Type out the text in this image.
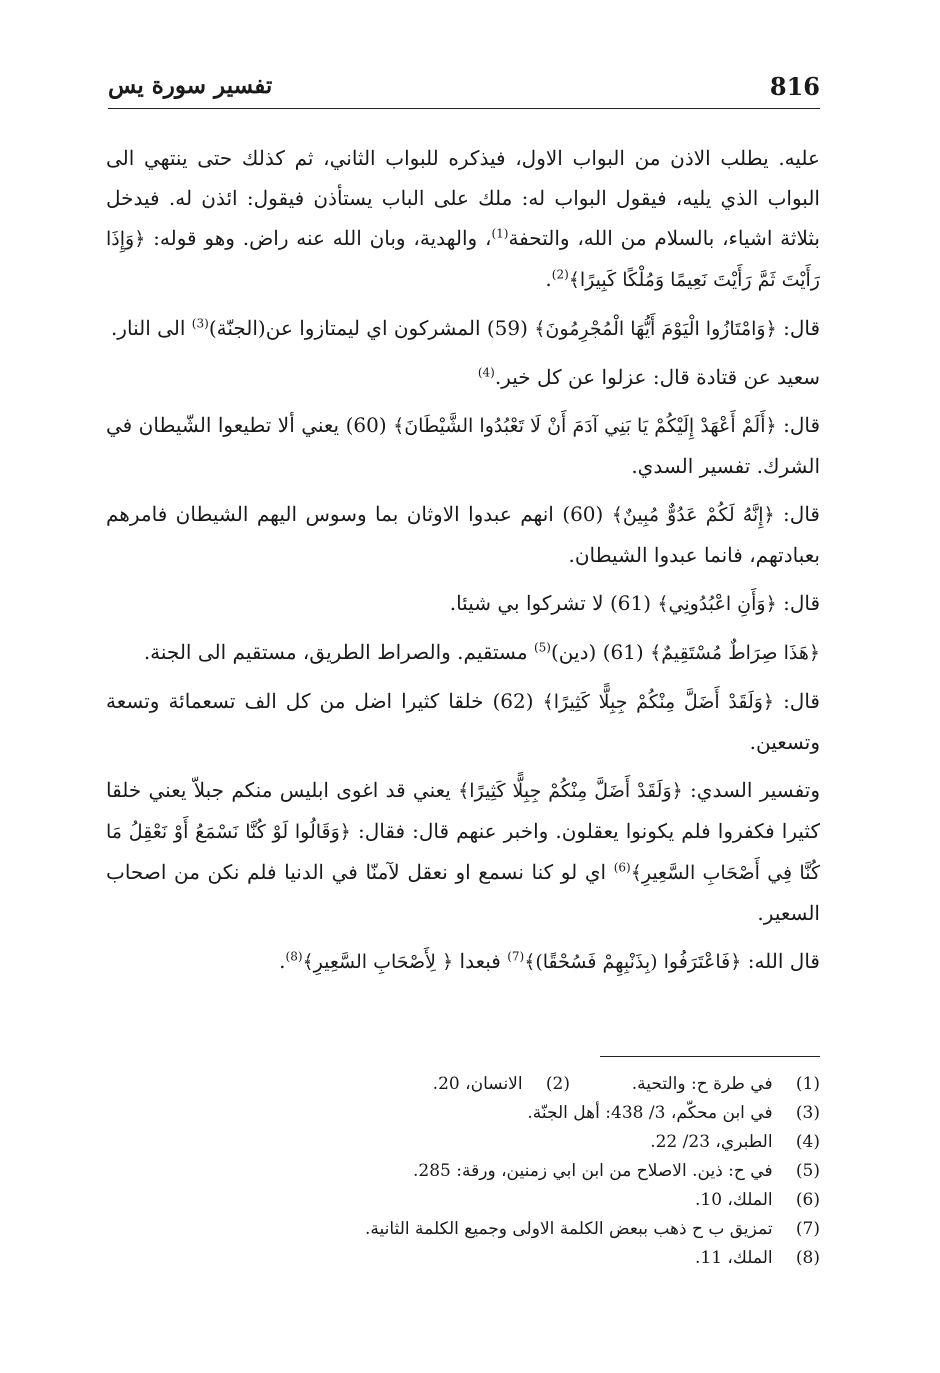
816
تفسير سورة يس

عليه. يطلب الاذن من البواب الاول، فيذكره للبواب الثاني، ثم كذلك حتى ينتهي الى البواب الذي يليه، فيقول البواب له: ملك على الباب يستأذن فيقول: ائذن له. فيدخل بثلاثة اشياء، بالسلام من الله، والتحفة$^{(1)}$، والهدية، وبان الله عنه راض. وهو قوله: ﴿وَإِذَا رَأَيْتَ ثَمَّ رَأَيْتَ نَعِيمًا وَمُلْكًا كَبِيرًا﴾$^{(2)}$.

قال: ﴿وَامْتَازُوا الْيَوْمَ أَيُّهَا الْمُجْرِمُونَ﴾ (59) المشركون اي ليمتازوا عن(الجنّة)$^{(3)}$ الى النار.

سعيد عن قتادة قال: عزلوا عن كل خير.$^{(4)}$

قال: ﴿أَلَمْ أَعْهَدْ إِلَيْكُمْ يَا بَنِي آدَمَ أَنْ لَا تَعْبُدُوا الشَّيْطَانَ﴾ (60) يعني ألا تطيعوا الشّيطان في الشرك. تفسير السدي.

قال: ﴿إِنَّهُ لَكُمْ عَدُوٌّ مُبِينٌ﴾ (60) انهم عبدوا الاوثان بما وسوس اليهم الشيطان فامرهم بعبادتهم، فانما عبدوا الشيطان.

قال: ﴿وَأَنِ اعْبُدُونِي﴾ (61) لا تشركوا بي شيئا.

﴿هَذَا صِرَاطٌ مُسْتَقِيمٌ﴾ (61) (دين)$^{(5)}$ مستقيم. والصراط الطريق، مستقيم الى الجنة.

قال: ﴿وَلَقَدْ أَضَلَّ مِنْكُمْ جِبِلًّا كَثِيرًا﴾ (62) خلقا كثيرا اضل من كل الف تسعمائة وتسعة وتسعين.

وتفسير السدي: ﴿وَلَقَدْ أَضَلَّ مِنْكُمْ جِبِلًّا كَثِيرًا﴾ يعني قد اغوى ابليس منكم جبلاّ يعني خلقا كثيرا فكفروا فلم يكونوا يعقلون. واخبر عنهم قال: فقال: ﴿وَقَالُوا لَوْ كُنَّا نَسْمَعُ أَوْ نَعْقِلُ مَا كُنَّا فِي أَصْحَابِ السَّعِيرِ﴾$^{(6)}$ اي لو كنا نسمع او نعقل لآمنّا في الدنيا فلم نكن من اصحاب السعير.

قال الله: ﴿فَاعْتَرَفُوا (بِذَنْبِهِمْ فَسُحْقًا)﴾$^{(7)}$ فبعدا ﴿ لِأَصْحَابِ السَّعِيرِ﴾$^{(8)}$.

(1) في طرة ح: والتحية.
(2) الانسان، 20.
(3) في ابن محكّم، 3/ 438: أهل الجنّة.
(4) الطبري، 23/ 22.
(5) في ح: ذين. الاصلاح من ابن ابي زمنين، ورقة: 285.
(6) الملك، 10.
(7) تمزيق ب ح ذهب ببعض الكلمة الاولى وجميع الكلمة الثانية.
(8) الملك، 11.
